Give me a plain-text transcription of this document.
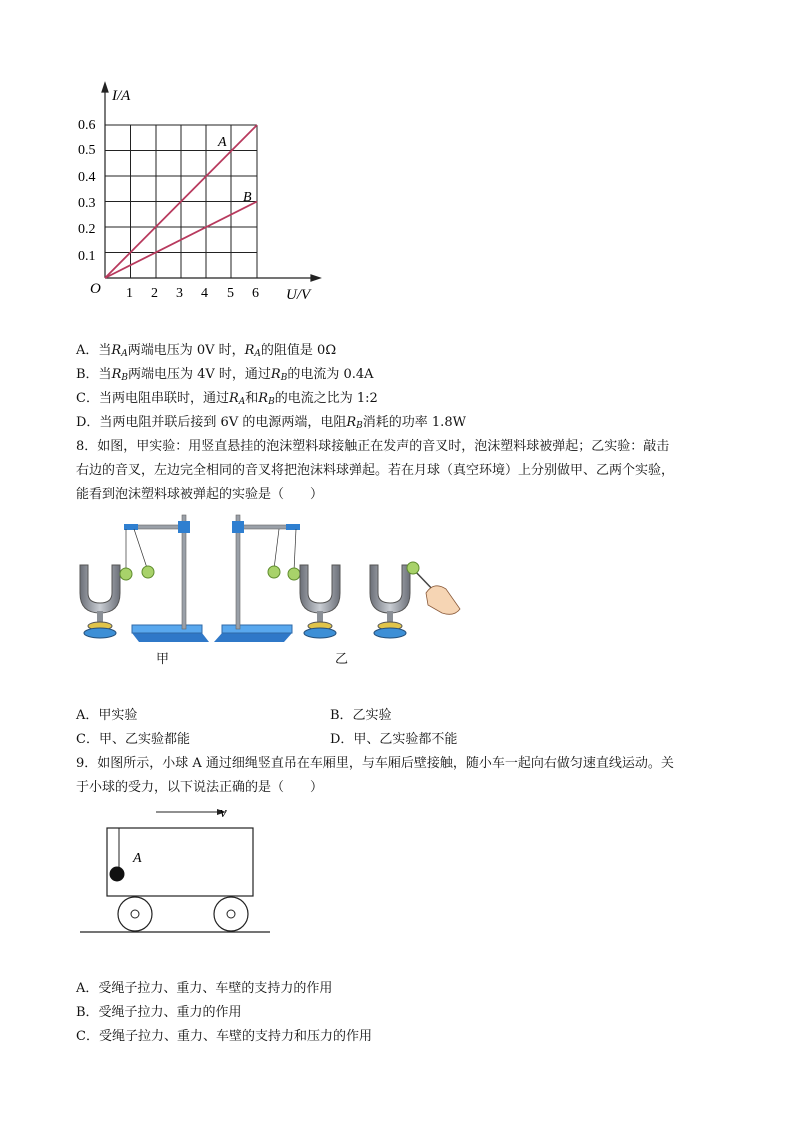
I/A
U/V
O
0.1
0.2
0.3
0.4
0.5
0.6
1 2 3 4 5 6
A
B
A．当$R_A$两端电压为 0V 时，$R_A$的阻值是 0Ω
B．当$R_B$两端电压为 4V 时，通过$R_B$的电流为 0.4A
C．当两电阻串联时，通过$R_A$和$R_B$的电流之比为 1:2
D．当两电阻并联后接到 6V 的电源两端，电阻$R_B$消耗的功率 1.8W
8．如图，甲实验：用竖直悬挂的泡沫塑料球接触正在发声的音叉时，泡沫塑料球被弹起；乙实验：敲击
右边的音叉，左边完全相同的音叉将把泡沫料球弹起。若在月球（真空环境）上分别做甲、乙两个实验，
能看到泡沫塑料球被弹起的实验是（　　）
甲	乙
A．甲实验	B．乙实验
C．甲、乙实验都能	D．甲、乙实验都不能
9．如图所示，小球 A 通过细绳竖直吊在车厢里，与车厢后壁接触，随小车一起向右做匀速直线运动。关
于小球的受力，以下说法正确的是（　　）
v
A
A．受绳子拉力、重力、车壁的支持力的作用
B．受绳子拉力、重力的作用
C．受绳子拉力、重力、车壁的支持力和压力的作用
